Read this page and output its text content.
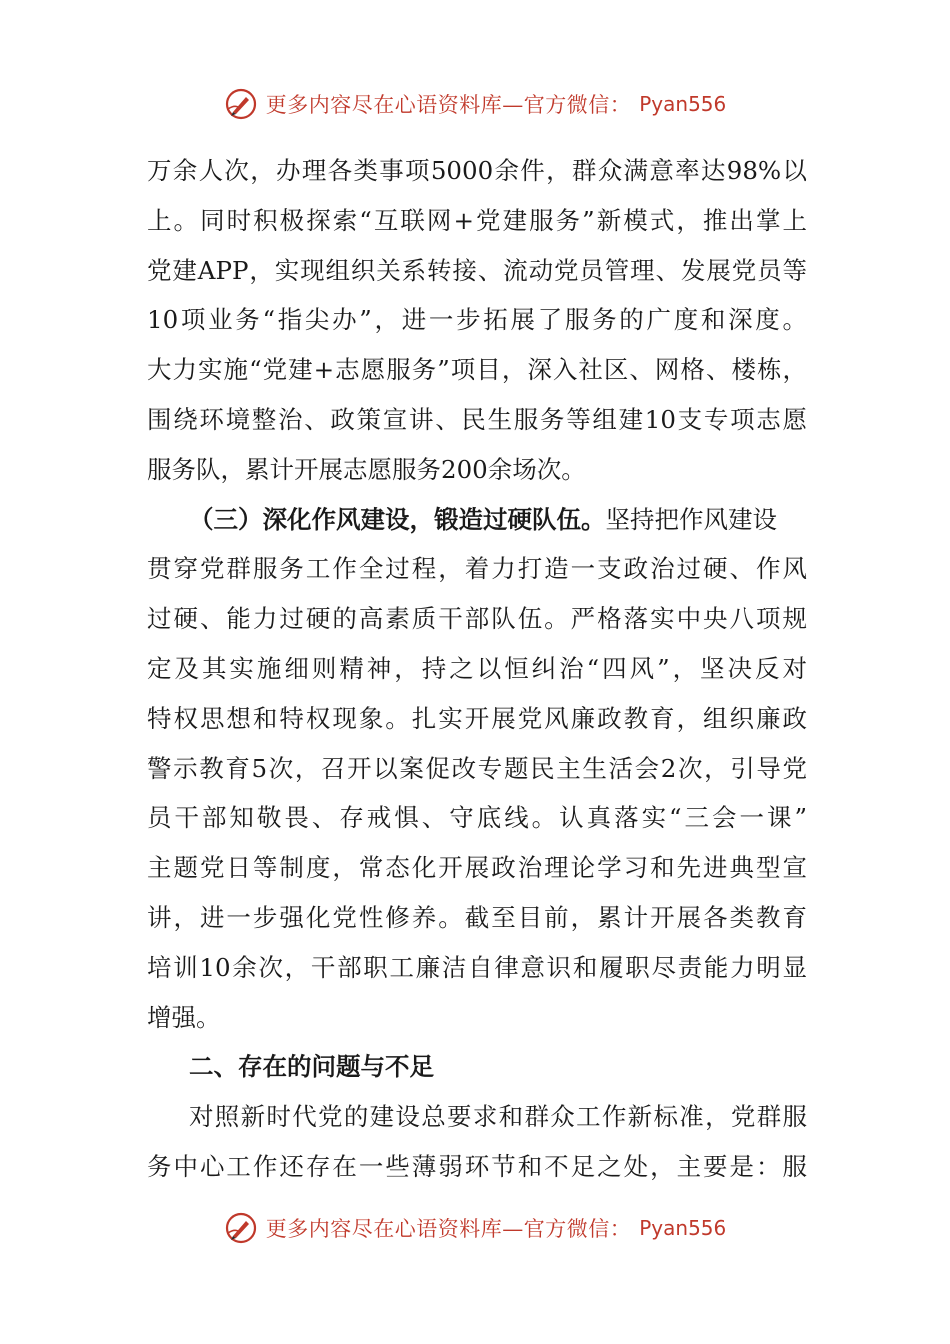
更多内容尽在心语资料库—官方微信： Pyan556
万余人次，办理各类事项5000余件，群众满意率达98%以
上。同时积极探索“互联网+党建服务”新模式，推出掌上
党建APP，实现组织关系转接、流动党员管理、发展党员等
10项业务“指尖办”，进一步拓展了服务的广度和深度。
大力实施“党建+志愿服务”项目，深入社区、网格、楼栋，
围绕环境整治、政策宣讲、民生服务等组建10支专项志愿
服务队，累计开展志愿服务200余场次。
（三）深化作风建设，锻造过硬队伍。坚持把作风建设
贯穿党群服务工作全过程，着力打造一支政治过硬、作风
过硬、能力过硬的高素质干部队伍。严格落实中央八项规
定及其实施细则精神，持之以恒纠治“四风”，坚决反对
特权思想和特权现象。扎实开展党风廉政教育，组织廉政
警示教育5次，召开以案促改专题民主生活会2次，引导党
员干部知敬畏、存戒惧、守底线。认真落实“三会一课”
主题党日等制度，常态化开展政治理论学习和先进典型宣
讲，进一步强化党性修养。截至目前，累计开展各类教育
培训10余次，干部职工廉洁自律意识和履职尽责能力明显
增强。
二、存在的问题与不足
对照新时代党的建设总要求和群众工作新标准，党群服
务中心工作还存在一些薄弱环节和不足之处，主要是：服
更多内容尽在心语资料库—官方微信： Pyan556
